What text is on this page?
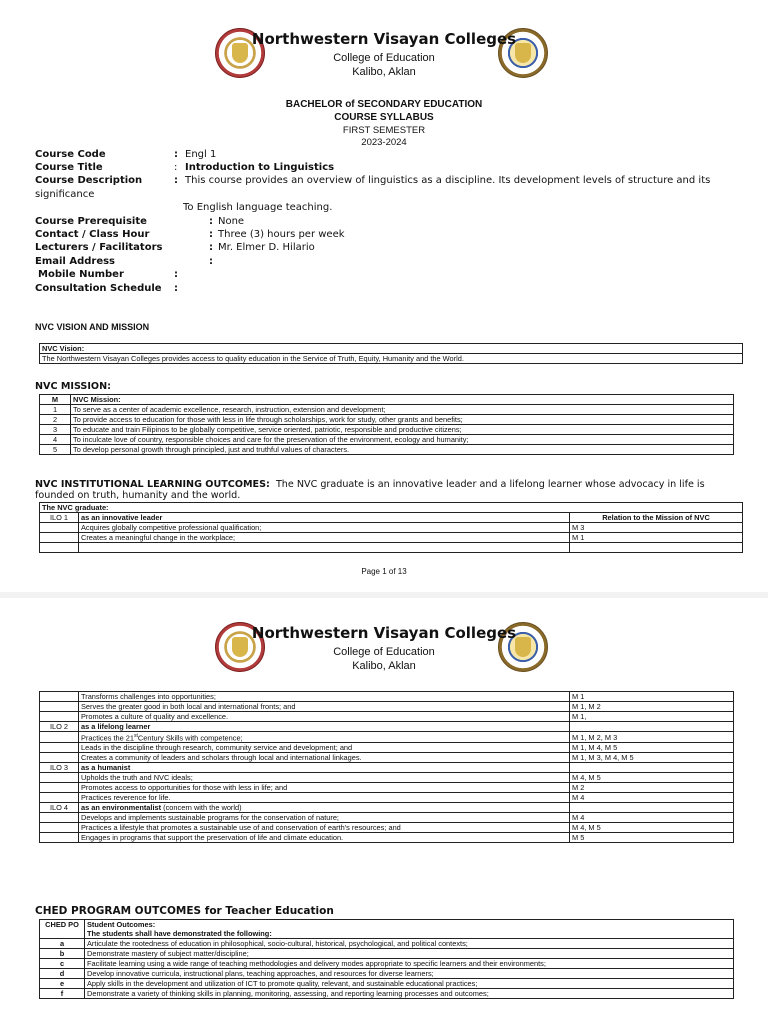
Northwestern Visayan Colleges
College of Education
Kalibo, Aklan
BACHELOR of SECONDARY EDUCATION
COURSE SYLLABUS
FIRST SEMESTER
2023-2024
Course Code	: Engl 1
Course Title	: Introduction to Linguistics
Course Description	: This course provides an overview of linguistics as a discipline. Its development levels of structure and its
significance
To English language teaching.
Course Prerequisite	: None
Contact / Class Hour	: Three (3) hours per week
Lecturers / Facilitators	: Mr. Elmer D. Hilario
Email Address	:
Mobile Number	:
Consultation Schedule :
NVC VISION AND MISSION
NVC Vision:
The Northwestern Visayan Colleges provides access to quality education in the Service of Truth, Equity, Humanity and the World.
NVC MISSION:
M	NVC Mission:
1	To serve as a center of academic excellence, research, instruction, extension and development;
2	To provide access to education for those with less in life through scholarships, work for study, other grants and benefits;
3	To educate and train Filipinos to be globally competitive, service oriented, patriotic, responsible and productive citizens;
4	To inculcate love of country, responsible choices and care for the preservation of the environment, ecology and humanity;
5	To develop personal growth through principled, just and truthful values of characters.
NVC INSTITUTIONAL LEARNING OUTCOMES: The NVC graduate is an innovative leader and a lifelong learner whose advocacy in life is
founded on truth, humanity and the world.
The NVC graduate:		
ILO 1	as an innovative leader	Relation to the Mission of NVC
	Acquires globally competitive professional qualification;	M 3
	Creates a meaningful change in the workplace;	M 1

Page 1 of 13
Northwestern Visayan Colleges
College of Education
Kalibo, Aklan
	Transforms challenges into opportunities;	M 1
	Serves the greater good in both local and international fronts; and	M 1, M 2
	Promotes a culture of quality and excellence.	M 1,
ILO 2	as a lifelong learner	
	Practices the 21stCentury Skills with competence;	M 1, M 2, M 3
	Leads in the discipline through research, community service and development; and	M 1, M 4, M 5
	Creates a community of leaders and scholars through local and international linkages.	M 1, M 3, M 4, M 5
ILO 3	as a humanist	
	Upholds the truth and NVC ideals;	M 4, M 5
	Promotes access to opportunities for those with less in life; and	M 2
	Practices reverence for life.	M 4
ILO 4	as an environmentalist (concern with the world)	
	Develops and implements sustainable programs for the conservation of nature;	M 4
	Practices a lifestyle that promotes a sustainable use of and conservation of earth's resources; and	M 4, M 5
	Engages in programs that support the preservation of life and climate education.	M 5
CHED PROGRAM OUTCOMES for Teacher Education
CHED PO	Student Outcomes:
	The students shall have demonstrated the following:
a	Articulate the rootedness of education in philosophical, socio-cultural, historical, psychological, and political contexts;
b	Demonstrate mastery of subject matter/discipline;
c	Facilitate learning using a wide range of teaching methodologies and delivery modes appropriate to specific learners and their environments;
d	Develop innovative curricula, instructional plans, teaching approaches, and resources for diverse learners;
e	Apply skills in the development and utilization of ICT to promote quality, relevant, and sustainable educational practices;
f	Demonstrate a variety of thinking skills in planning, monitoring, assessing, and reporting learning processes and outcomes;
